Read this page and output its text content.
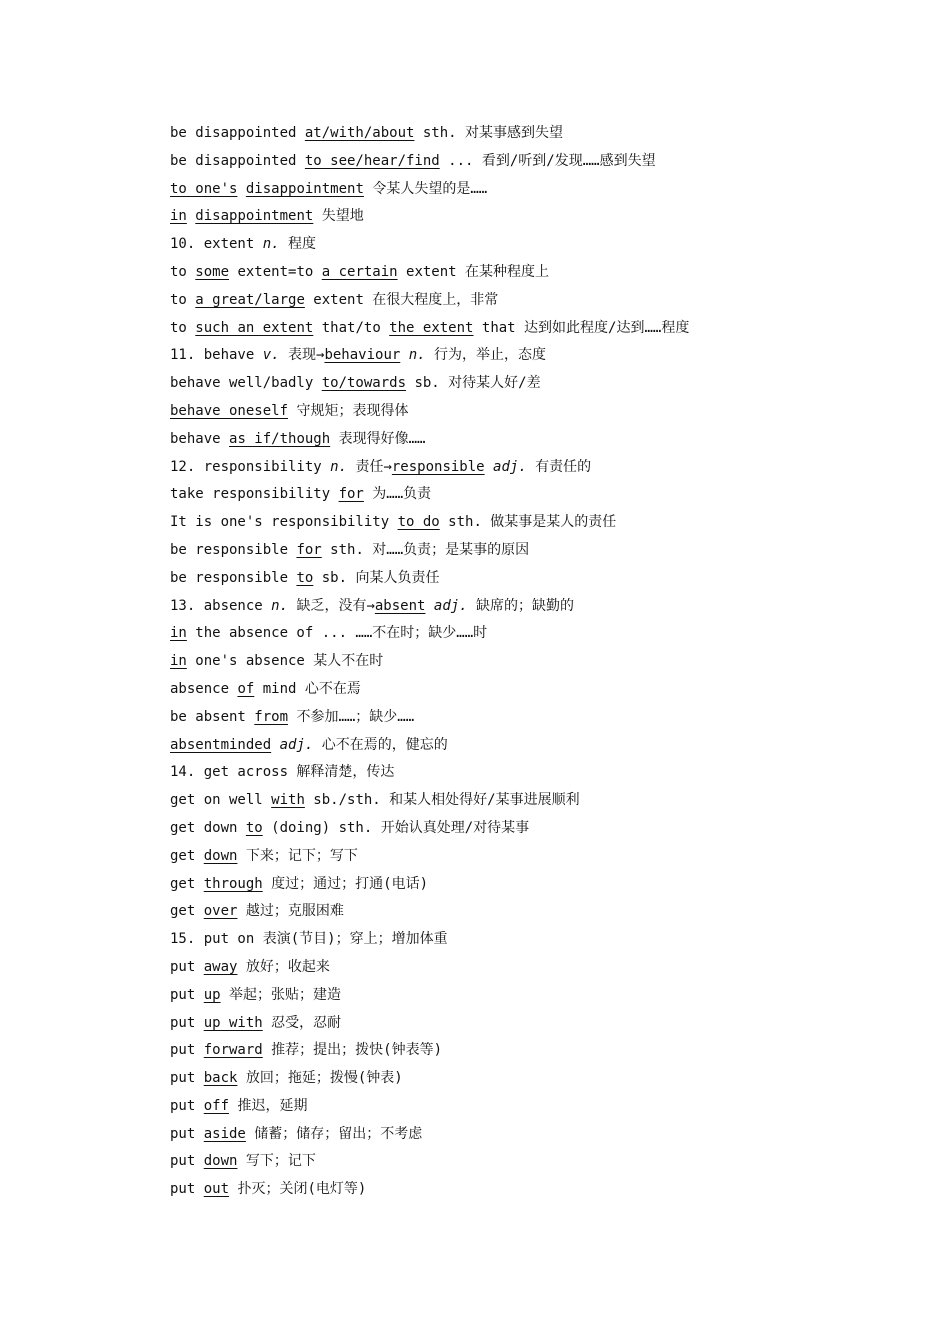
be disappointed at/with/about sth. 对某事感到失望
be disappointed to see/hear/find ... 看到/听到/发现……感到失望
to one's disappointment 令某人失望的是……
in disappointment 失望地
10. extent n. 程度
to some extent=to a certain extent 在某种程度上
to a great/large extent 在很大程度上，非常
to such an extent that/to the extent that 达到如此程度/达到……程度
11. behave v. 表现→behaviour n. 行为，举止，态度
behave well/badly to/towards sb. 对待某人好/差
behave oneself 守规矩；表现得体
behave as if/though 表现得好像……
12. responsibility n. 责任→responsible adj. 有责任的
take responsibility for 为……负责
It is one's responsibility to do sth. 做某事是某人的责任
be responsible for sth. 对……负责；是某事的原因
be responsible to sb. 向某人负责任
13. absence n. 缺乏，没有→absent adj. 缺席的；缺勤的
in the absence of ... ……不在时；缺少……时
in one's absence 某人不在时
absence of mind 心不在焉
be absent from 不参加……；缺少……
absentminded adj. 心不在焉的，健忘的
14. get across 解释清楚，传达
get on well with sb./sth. 和某人相处得好/某事进展顺利
get down to (doing) sth. 开始认真处理/对待某事
get down 下来；记下；写下
get through 度过；通过；打通(电话)
get over 越过；克服困难
15. put on 表演(节目)；穿上；增加体重
put away 放好；收起来
put up 举起；张贴；建造
put up with 忍受，忍耐
put forward 推荐；提出；拨快(钟表等)
put back 放回；拖延；拨慢(钟表)
put off 推迟，延期
put aside 储蓄；储存；留出；不考虑
put down 写下；记下
put out 扑灭；关闭(电灯等)
